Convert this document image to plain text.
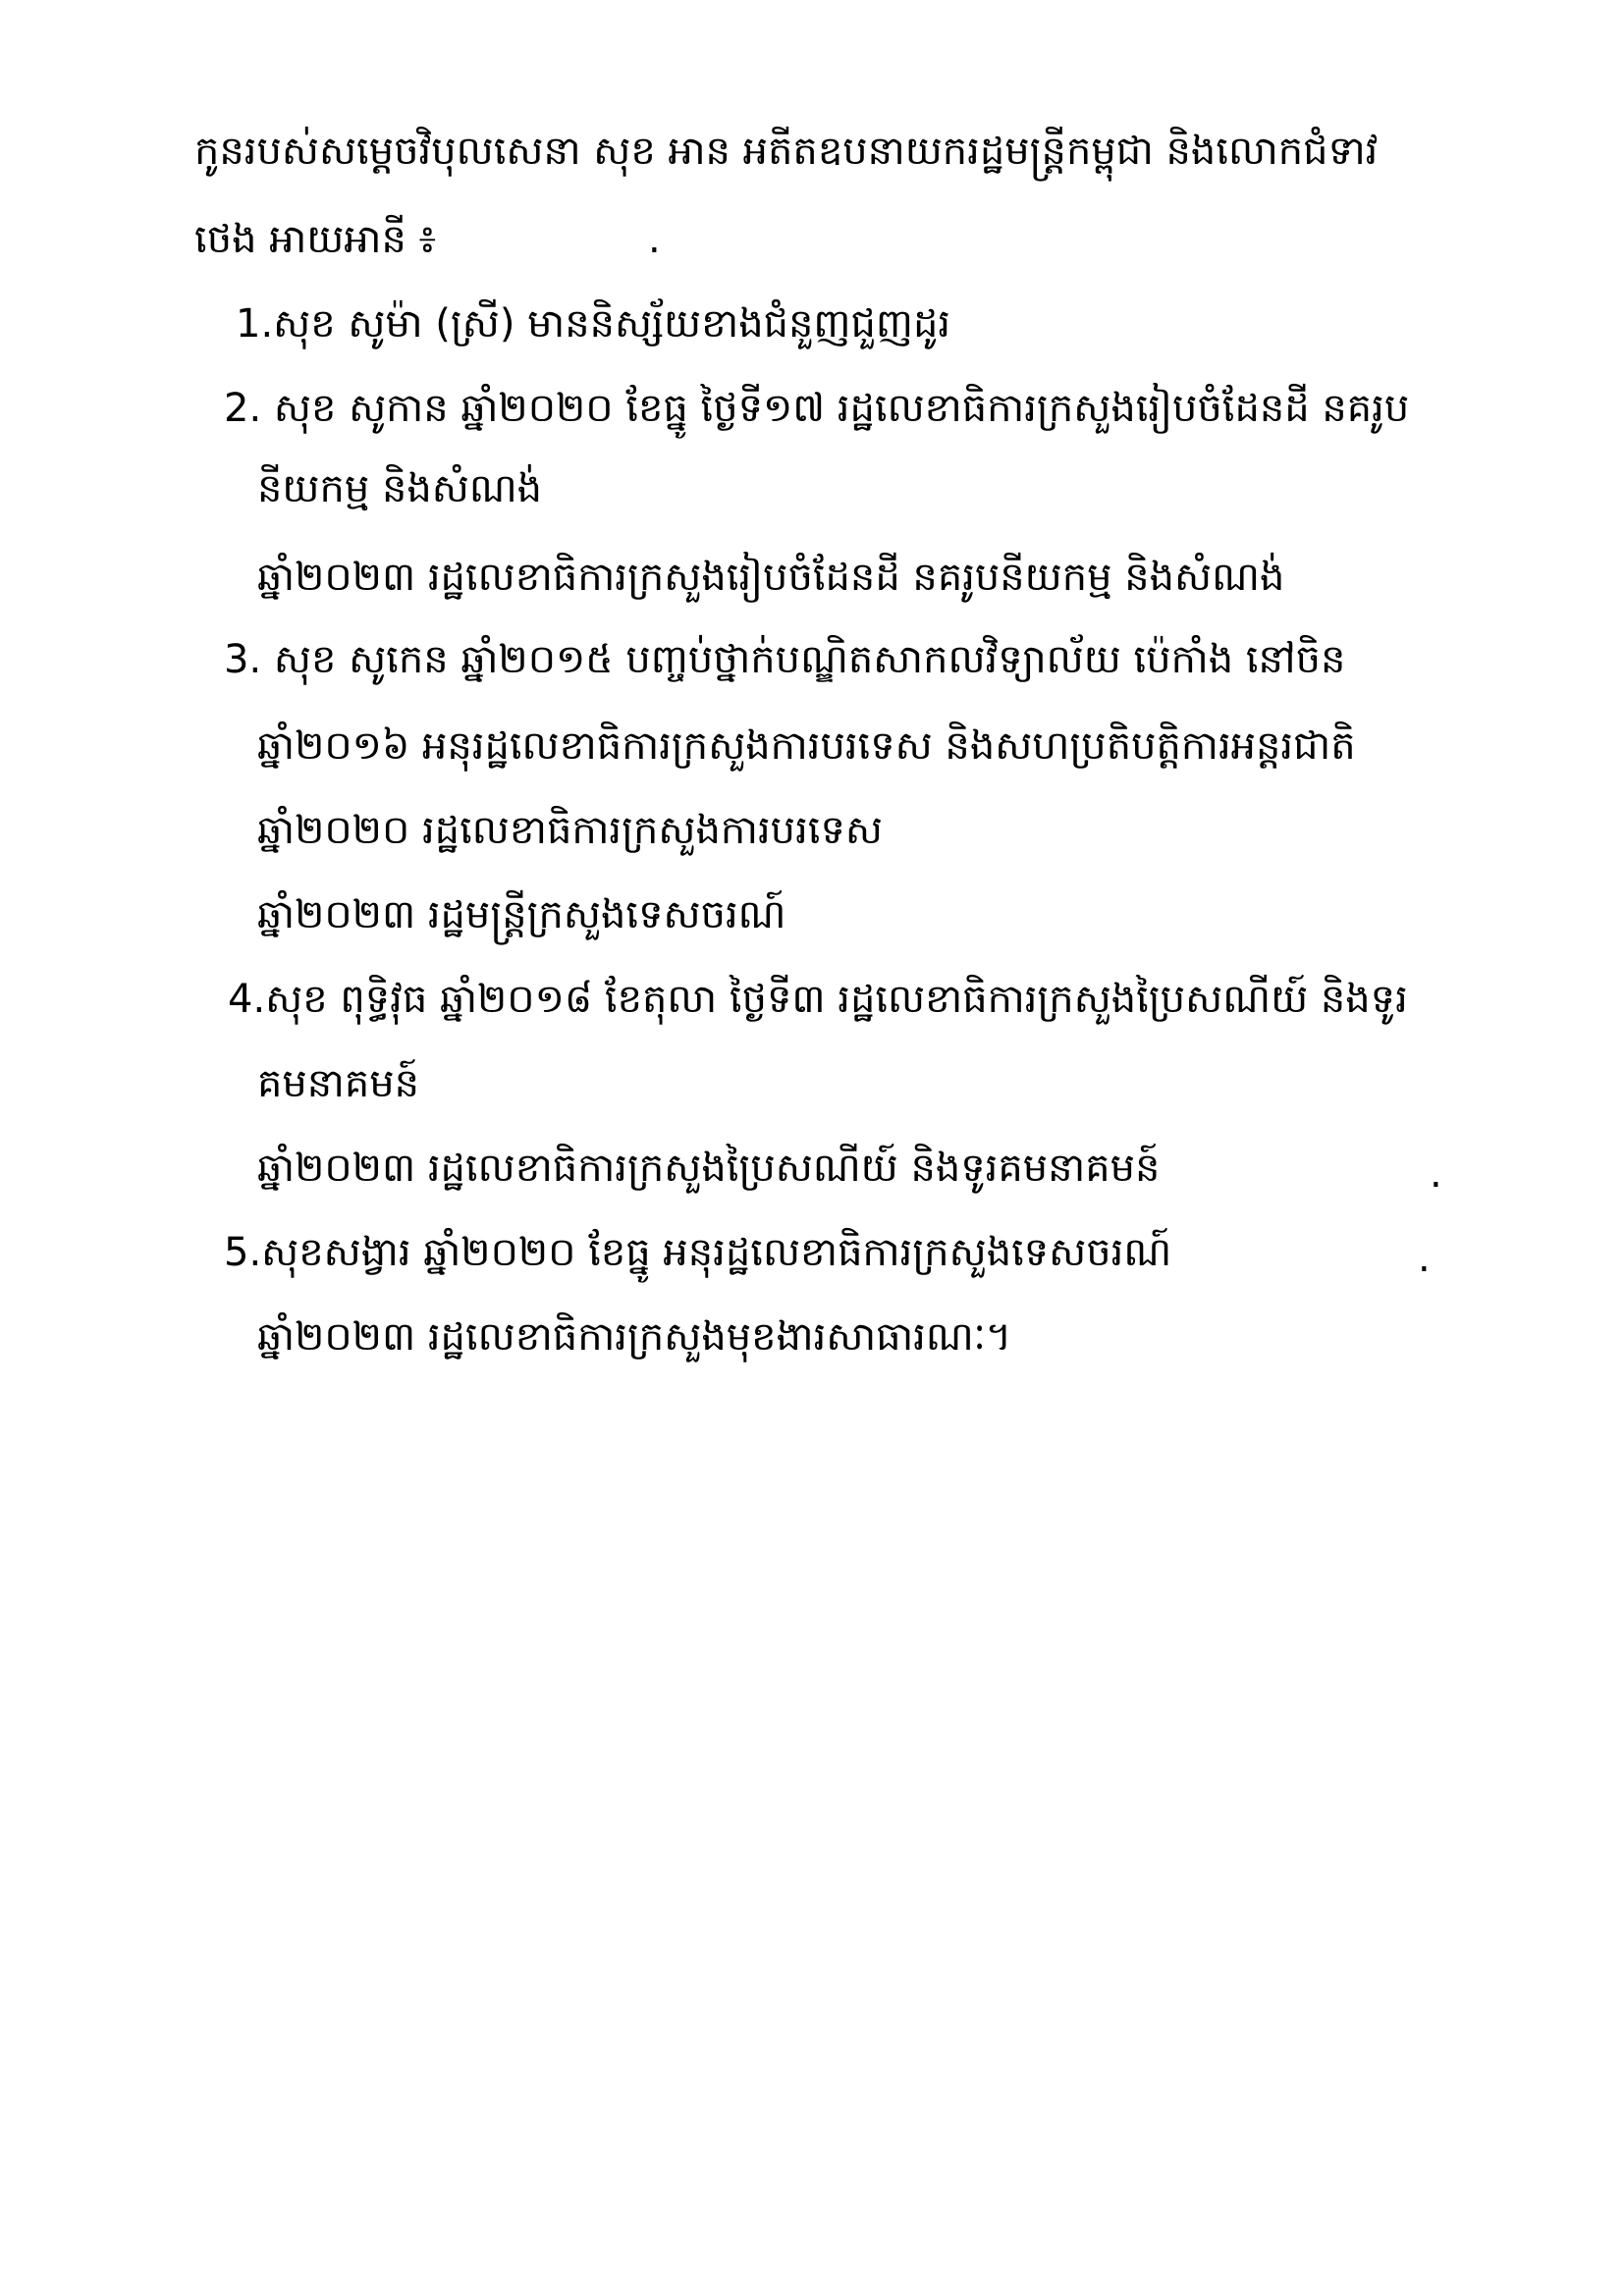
កូនរបស់សម្តេចវិបុលសេនា សុខ អាន អតីតឧបនាយករដ្ឋមន្រ្តីកម្ពុជា និងលោកជំទាវ
ថេង អាយអានី ៖	.
1.សុខ សូម៉ា (ស្រី) មាននិស្ស័យខាងជំនួញជួញដូរ
2. សុខ សូកាន ឆ្នាំ២០២០ ខែធ្នូ ថ្ងៃទី១៧ រដ្ឋលេខាធិការក្រសួងរៀបចំដែនដី នគរូប
នីយកម្ម និងសំណង់
ឆ្នាំ២០២៣ រដ្ឋលេខាធិការក្រសួងរៀបចំដែនដី នគរូបនីយកម្ម និងសំណង់
3. សុខ សូកេន ឆ្នាំ២០១៥ បញ្ចប់ថ្នាក់បណ្ឌិតសាកលវិទ្យាល័យ ប៉េកាំង នៅចិន
ឆ្នាំ២០១៦ អនុរដ្ឋលេខាធិការក្រសួងការបរទេស និងសហប្រតិបត្តិការអន្តរជាតិ
ឆ្នាំ២០២០ រដ្ឋលេខាធិការក្រសួងការបរទេស
ឆ្នាំ២០២៣ រដ្ឋមន្រ្តីក្រសួងទេសចរណ៍
4.សុខ ពុទ្ធិវុធ ឆ្នាំ២០១៨ ខែតុលា ថ្ងៃទី៣ រដ្ឋលេខាធិការក្រសួងប្រៃសណីយ៍ និងទូរ
គមនាគមន៍
ឆ្នាំ២០២៣ រដ្ឋលេខាធិការក្រសួងប្រៃសណីយ៍ និងទូរគមនាគមន៍	.
5.សុខសង្វារ ឆ្នាំ២០២០ ខែធ្នូ អនុរដ្ឋលេខាធិការក្រសួងទេសចរណ៍	.
ឆ្នាំ២០២៣ រដ្ឋលេខាធិការក្រសួងមុខងារសាធារណៈ។
